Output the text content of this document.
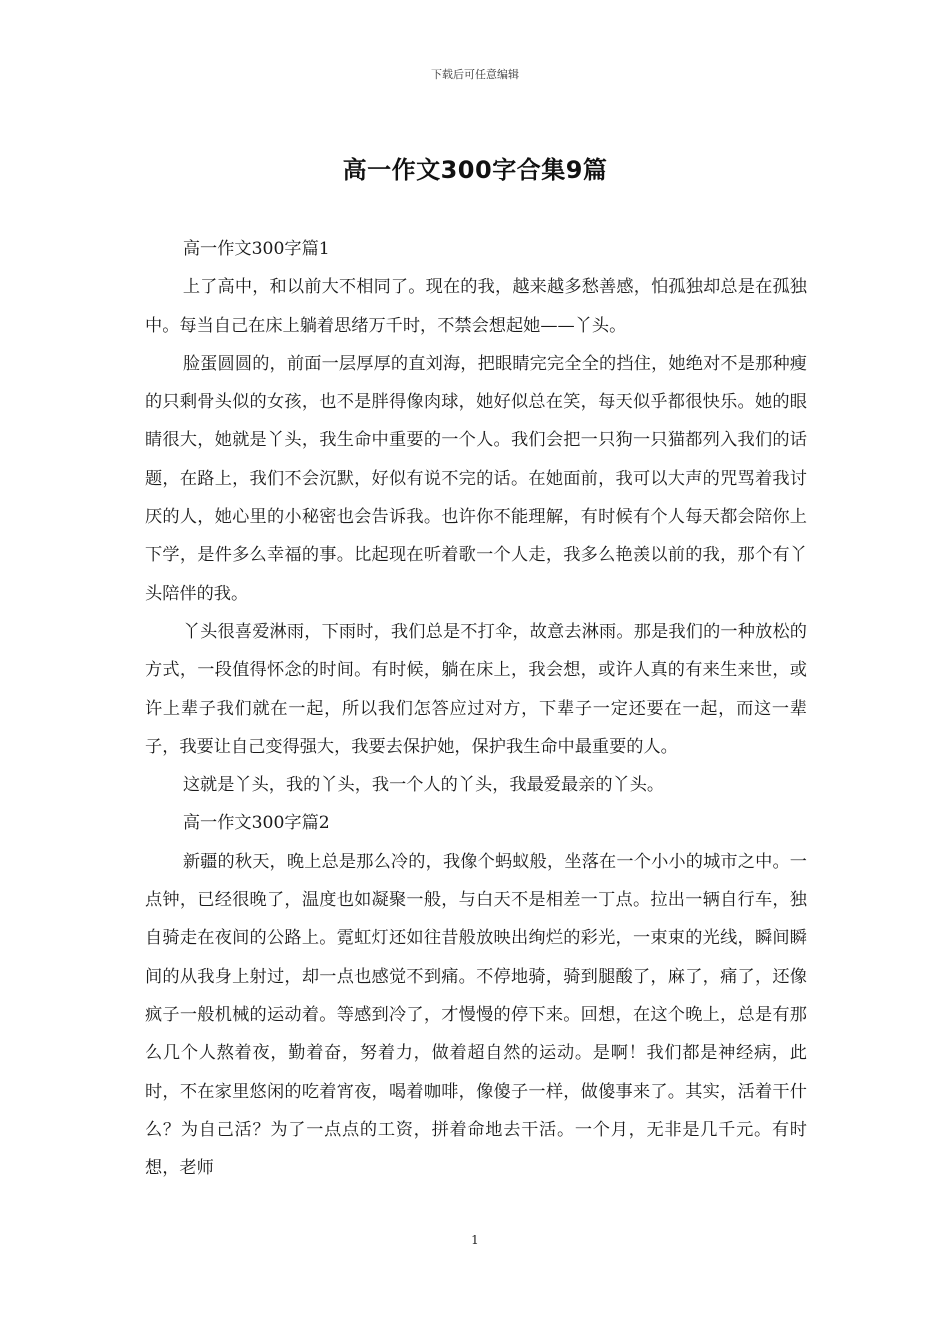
下载后可任意编辑
高一作文300字合集9篇

高一作文300字篇1

上了高中，和以前大不相同了。现在的我，越来越多愁善感，怕孤独却总是在孤独中。每当自己在床上躺着思绪万千时，不禁会想起她——丫头。

脸蛋圆圆的，前面一层厚厚的直刘海，把眼睛完完全全的挡住，她绝对不是那种瘦的只剩骨头似的女孩，也不是胖得像肉球，她好似总在笑，每天似乎都很快乐。她的眼睛很大，她就是丫头，我生命中重要的一个人。我们会把一只狗一只猫都列入我们的话题，在路上，我们不会沉默，好似有说不完的话。在她面前，我可以大声的咒骂着我讨厌的人，她心里的小秘密也会告诉我。也许你不能理解，有时候有个人每天都会陪你上下学，是件多么幸福的事。比起现在听着歌一个人走，我多么艳羡以前的我，那个有丫头陪伴的我。

丫头很喜爱淋雨，下雨时，我们总是不打伞，故意去淋雨。那是我们的一种放松的方式，一段值得怀念的时间。有时候，躺在床上，我会想，或许人真的有来生来世，或许上辈子我们就在一起，所以我们怎答应过对方，下辈子一定还要在一起，而这一辈子，我要让自己变得强大，我要去保护她，保护我生命中最重要的人。

这就是丫头，我的丫头，我一个人的丫头，我最爱最亲的丫头。

高一作文300字篇2

新疆的秋天，晚上总是那么冷的，我像个蚂蚁般，坐落在一个小小的城市之中。一点钟，已经很晚了，温度也如凝聚一般，与白天不是相差一丁点。拉出一辆自行车，独自骑走在夜间的公路上。霓虹灯还如往昔般放映出绚烂的彩光，一束束的光线，瞬间瞬间的从我身上射过，却一点也感觉不到痛。不停地骑，骑到腿酸了，麻了，痛了，还像疯子一般机械的运动着。等感到冷了，才慢慢的停下来。回想，在这个晚上，总是有那么几个人熬着夜，勤着奋，努着力，做着超自然的运动。是啊！我们都是神经病，此时，不在家里悠闲的吃着宵夜，喝着咖啡，像傻子一样，做傻事来了。其实，活着干什么？为自己活？为了一点点的工资，拼着命地去干活。一个月，无非是几千元。有时想，老师

1
